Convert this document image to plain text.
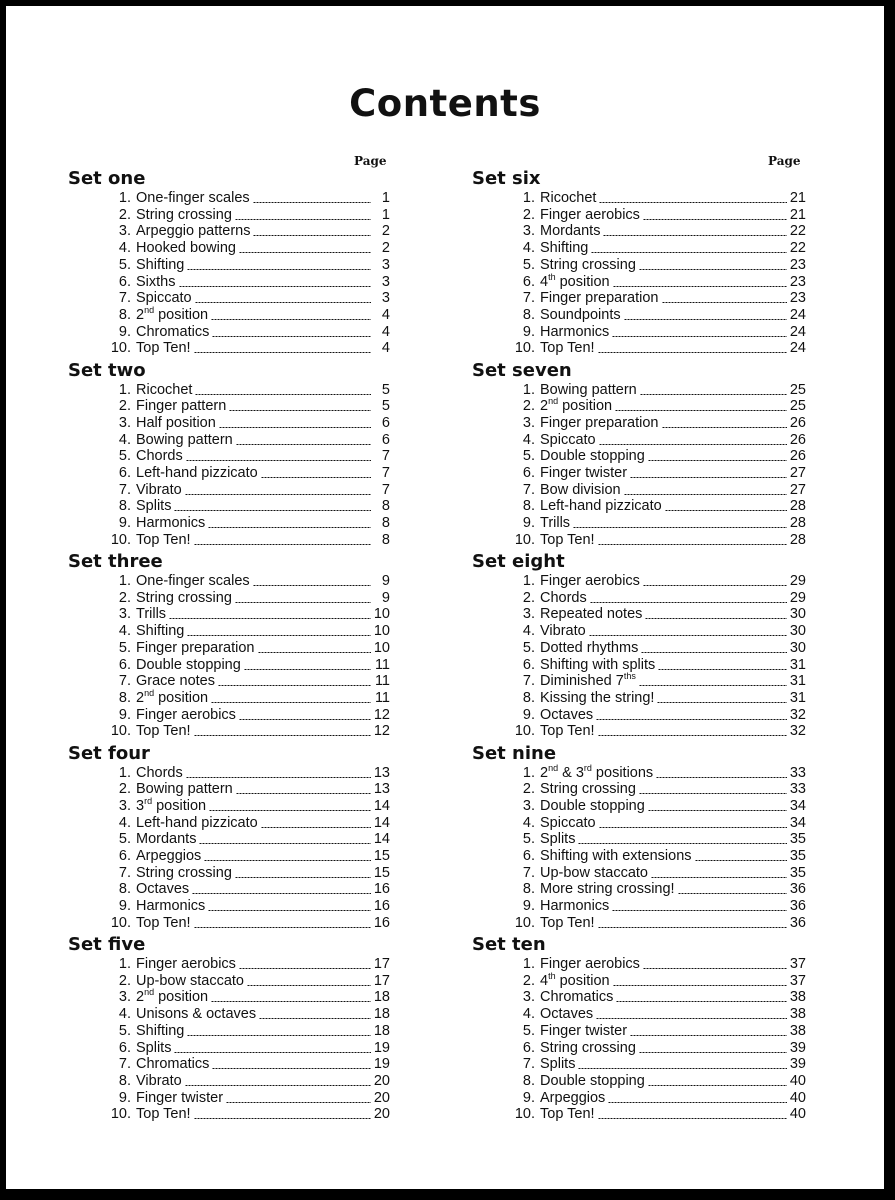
Contents
Page
Set one
1. One-finger scales	1
2. String crossing	1
3. Arpeggio patterns	2
4. Hooked bowing	2
5. Shifting	3
6. Sixths	3
7. Spiccato	3
8. 2nd position	4
9. Chromatics	4
10. Top Ten!	4
Set two
1. Ricochet	5
2. Finger pattern	5
3. Half position	6
4. Bowing pattern	6
5. Chords	7
6. Left-hand pizzicato	7
7. Vibrato	7
8. Splits	8
9. Harmonics	8
10. Top Ten!	8
Set three
1. One-finger scales	9
2. String crossing	9
3. Trills	10
4. Shifting	10
5. Finger preparation	10
6. Double stopping	11
7. Grace notes	11
8. 2nd position	11
9. Finger aerobics	12
10. Top Ten!	12
Set four
1. Chords	13
2. Bowing pattern	13
3. 3rd position	14
4. Left-hand pizzicato	14
5. Mordants	14
6. Arpeggios	15
7. String crossing	15
8. Octaves	16
9. Harmonics	16
10. Top Ten!	16
Set five
1. Finger aerobics	17
2. Up-bow staccato	17
3. 2nd position	18
4. Unisons & octaves	18
5. Shifting	18
6. Splits	19
7. Chromatics	19
8. Vibrato	20
9. Finger twister	20
10. Top Ten!	20
Page
Set six
1. Ricochet	21
2. Finger aerobics	21
3. Mordants	22
4. Shifting	22
5. String crossing	23
6. 4th position	23
7. Finger preparation	23
8. Soundpoints	24
9. Harmonics	24
10. Top Ten!	24
Set seven
1. Bowing pattern	25
2. 2nd position	25
3. Finger preparation	26
4. Spiccato	26
5. Double stopping	26
6. Finger twister	27
7. Bow division	27
8. Left-hand pizzicato	28
9. Trills	28
10. Top Ten!	28
Set eight
1. Finger aerobics	29
2. Chords	29
3. Repeated notes	30
4. Vibrato	30
5. Dotted rhythms	30
6. Shifting with splits	31
7. Diminished $7^{ths}$	31
8. Kissing the string!	31
9. Octaves	32
10. Top Ten!	32
Set nine
1. 2nd & 3rd positions	33
2. String crossing	33
3. Double stopping	34
4. Spiccato	34
5. Splits	35
6. Shifting with extensions	35
7. Up-bow staccato	35
8. More string crossing!	36
9. Harmonics	36
10. Top Ten!	36
Set ten
1. Finger aerobics	37
2. 4th position	37
3. Chromatics	38
4. Octaves	38
5. Finger twister	38
6. String crossing	39
7. Splits	39
8. Double stopping	40
9. Arpeggios	40
10. Top Ten!	40
